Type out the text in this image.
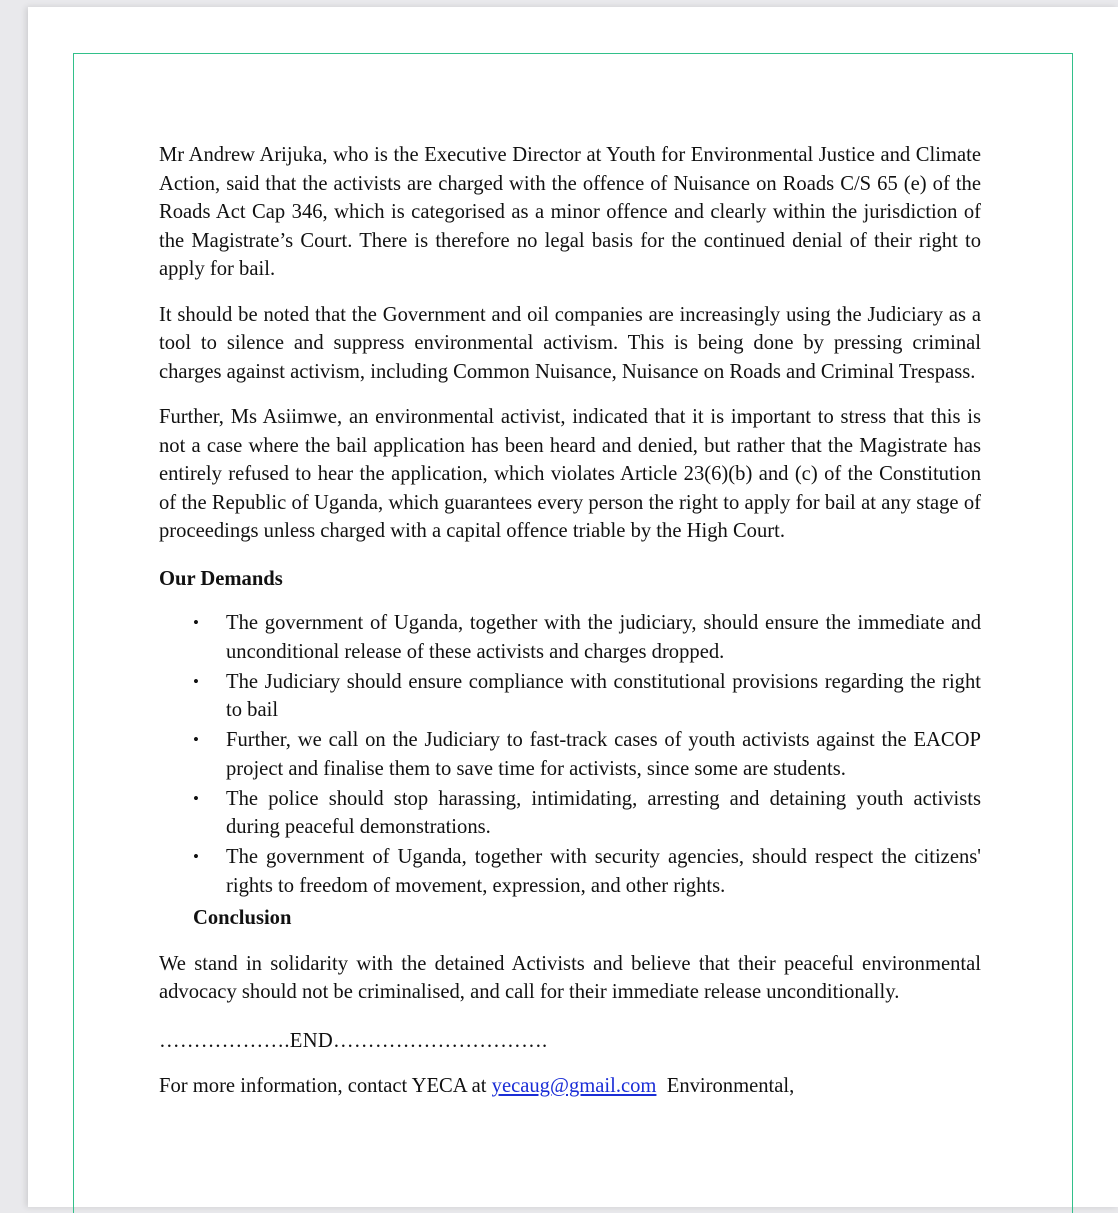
Mr Andrew Arijuka, who is the Executive Director at Youth for Environmental Justice and Climate Action, said that the activists are charged with the offence of Nuisance on Roads C/S 65 (e) of the Roads Act Cap 346, which is categorised as a minor offence and clearly within the jurisdiction of the Magistrate’s Court. There is therefore no legal basis for the continued denial of their right to apply for bail.

It should be noted that the Government and oil companies are increasingly using the Judiciary as a tool to silence and suppress environmental activism. This is being done by pressing criminal charges against activism, including Common Nuisance, Nuisance on Roads and Criminal Trespass.

Further, Ms Asiimwe, an environmental activist, indicated that it is important to stress that this is not a case where the bail application has been heard and denied, but rather that the Magistrate has entirely refused to hear the application, which violates Article 23(6)(b) and (c) of the Constitution of the Republic of Uganda, which guarantees every person the right to apply for bail at any stage of proceedings unless charged with a capital offence triable by the High Court.

Our Demands
• The government of Uganda, together with the judiciary, should ensure the immediate and unconditional release of these activists and charges dropped.
• The Judiciary should ensure compliance with constitutional provisions regarding the right to bail
• Further, we call on the Judiciary to fast-track cases of youth activists against the EACOP project and finalise them to save time for activists, since some are students.
• The police should stop harassing, intimidating, arresting and detaining youth activists during peaceful demonstrations.
• The government of Uganda, together with security agencies, should respect the citizens' rights to freedom of movement, expression, and other rights.
Conclusion

We stand in solidarity with the detained Activists and believe that their peaceful environmental advocacy should not be criminalised, and call for their immediate release unconditionally.

……………….END………………………….
For more information, contact YECA at yecaug@gmail.com  Environmental,
